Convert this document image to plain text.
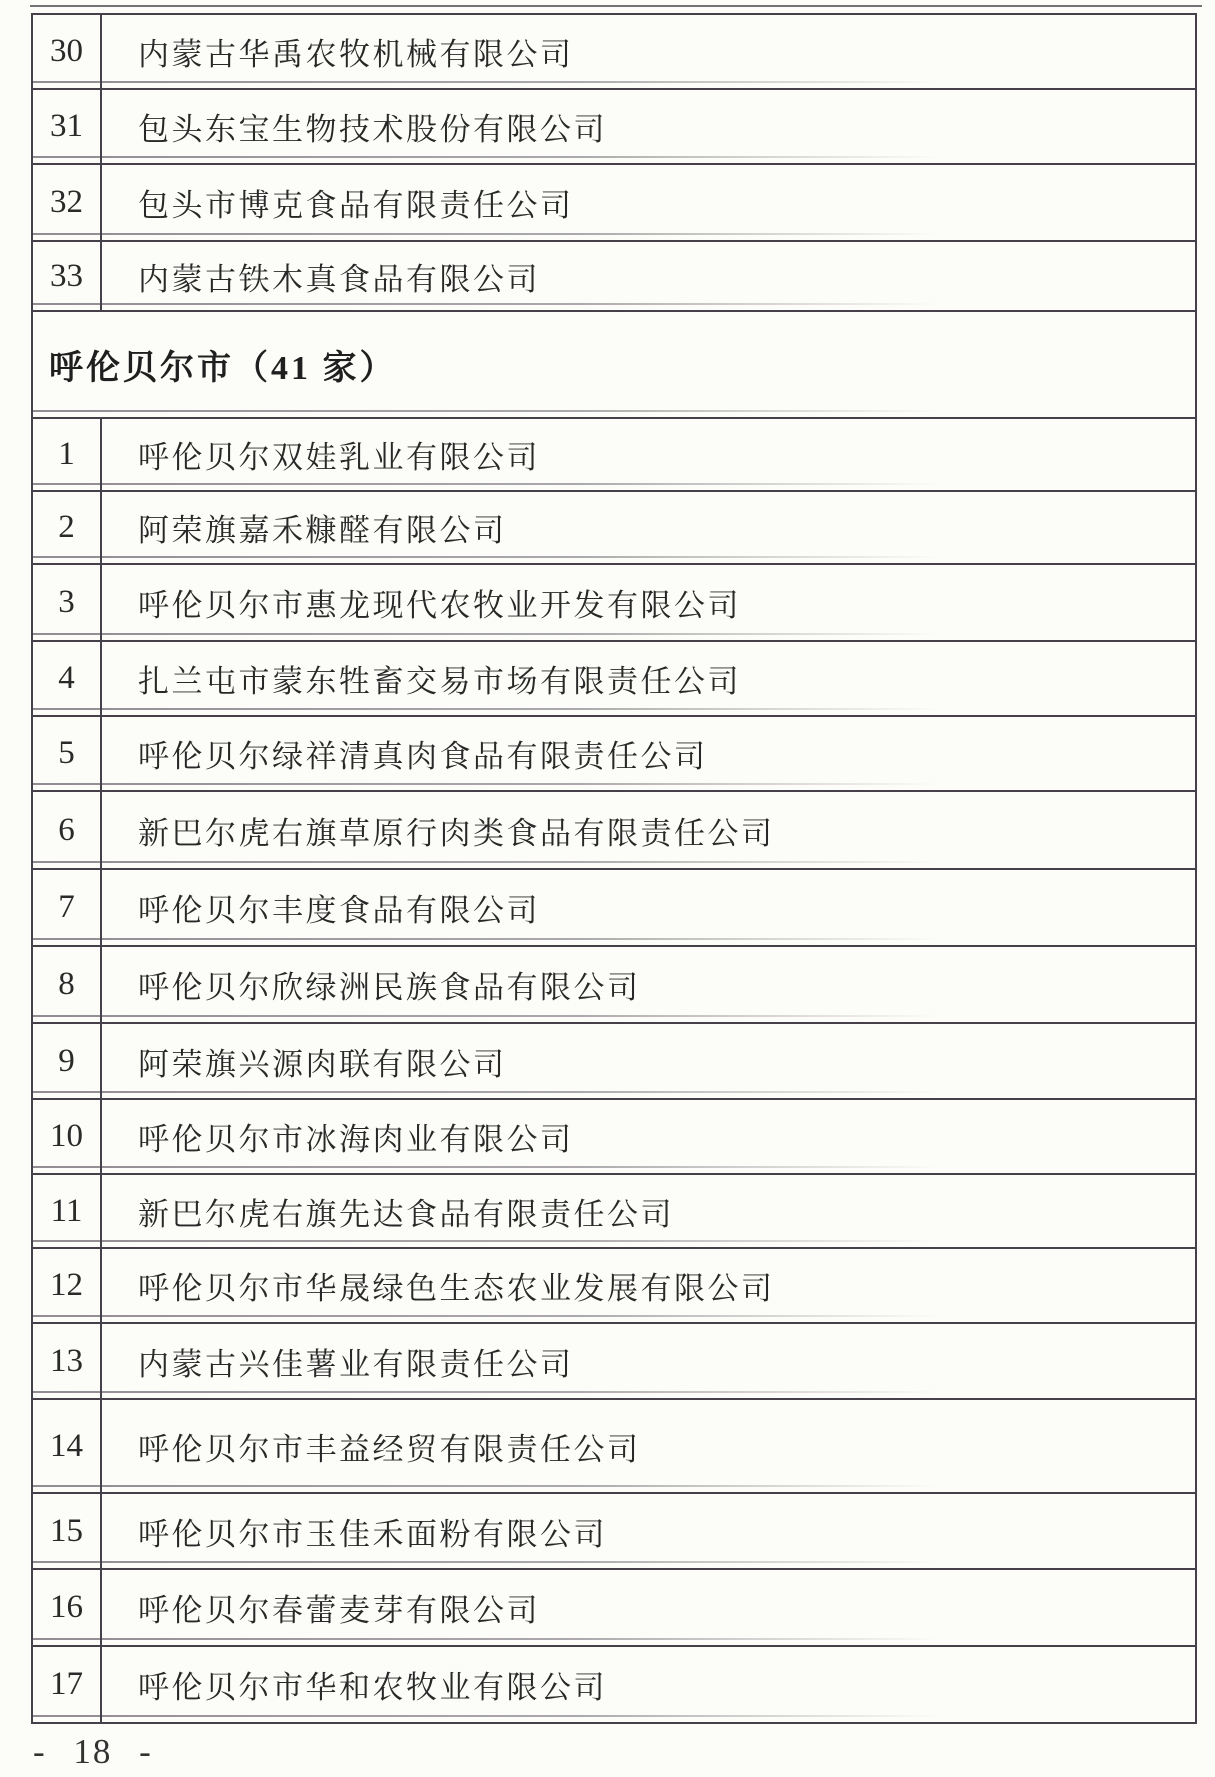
30	内蒙古华禹农牧机械有限公司
31	包头东宝生物技术股份有限公司
32	包头市博克食品有限责任公司
33	内蒙古铁木真食品有限公司
呼伦贝尔市（41 家）
1	呼伦贝尔双娃乳业有限公司
2	阿荣旗嘉禾糠醛有限公司
3	呼伦贝尔市惠龙现代农牧业开发有限公司
4	扎兰屯市蒙东牲畜交易市场有限责任公司
5	呼伦贝尔绿祥清真肉食品有限责任公司
6	新巴尔虎右旗草原行肉类食品有限责任公司
7	呼伦贝尔丰度食品有限公司
8	呼伦贝尔欣绿洲民族食品有限公司
9	阿荣旗兴源肉联有限公司
10	呼伦贝尔市冰海肉业有限公司
11	新巴尔虎右旗先达食品有限责任公司
12	呼伦贝尔市华晟绿色生态农业发展有限公司
13	内蒙古兴佳薯业有限责任公司
14	呼伦贝尔市丰益经贸有限责任公司
15	呼伦贝尔市玉佳禾面粉有限公司
16	呼伦贝尔春蕾麦芽有限公司
17	呼伦贝尔市华和农牧业有限公司
- 18 -
